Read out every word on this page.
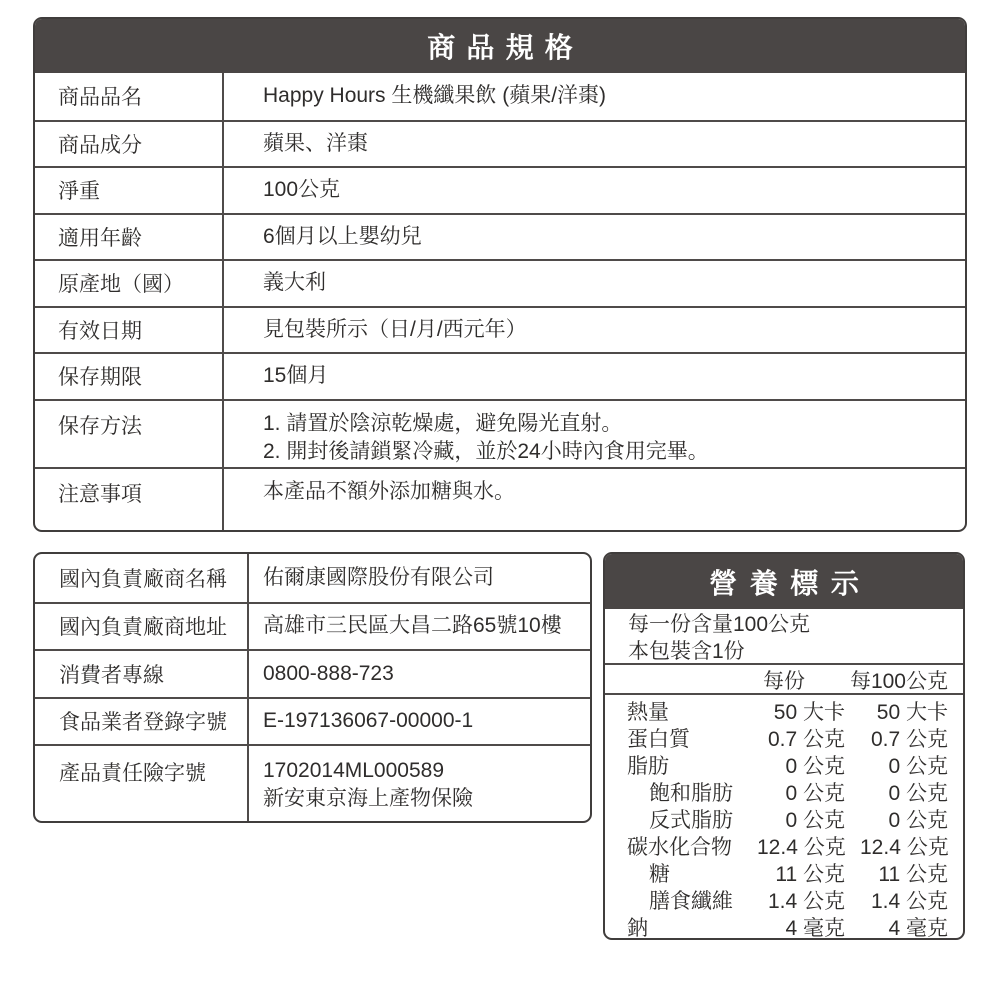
商品規格
商品品名	Happy Hours 生機纖果飲 (蘋果/洋棗)
商品成分	蘋果、洋棗
淨重	100公克
適用年齡	6個月以上嬰幼兒
原產地（國）	義大利
有效日期	見包裝所示（日/月/西元年）
保存期限	15個月
保存方法	1. 請置於陰涼乾燥處，避免陽光直射。
2. 開封後請鎖緊冷藏，並於24小時內食用完畢。
注意事項	本產品不額外添加糖與水。
國內負責廠商名稱	佑爾康國際股份有限公司
國內負責廠商地址	高雄市三民區大昌二路65號10樓
消費者專線	0800-888-723
食品業者登錄字號	E-197136067-00000-1
產品責任險字號	1702014ML000589
新安東京海上產物保險
營養標示
每一份含量100公克
本包裝含1份
每份	每100公克
熱量	50 大卡	50 大卡
蛋白質	0.7 公克	0.7 公克
脂肪	0 公克	0 公克
飽和脂肪	0 公克	0 公克
反式脂肪	0 公克	0 公克
碳水化合物	12.4 公克 12.4 公克
糖	11 公克	11 公克
膳食纖維	1.4 公克	1.4 公克
鈉	4 毫克	4 毫克
